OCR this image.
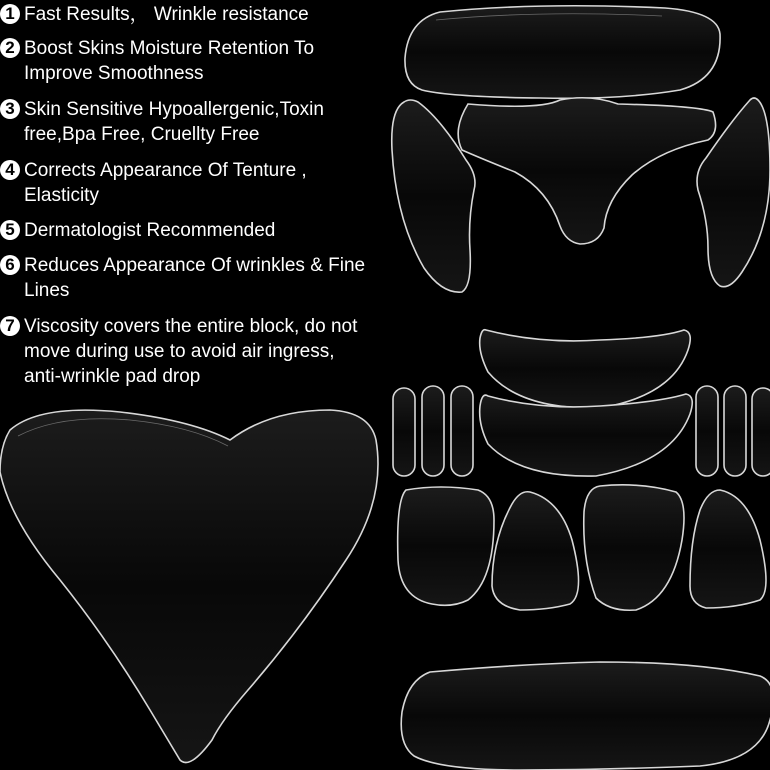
1 Fast Results， Wrinkle resistance
2 Boost Skins Moisture Retention To Improve Smoothness
3 Skin Sensitive Hypoallergenic,Toxin free,Bpa Free, Cruellty Free
4 Corrects Appearance Of Tenture , Elasticity
5 Dermatologist Recommended
6 Reduces Appearance Of wrinkles & Fine Lines
7 Viscosity covers the entire block, do not move during use to avoid air ingress, anti-wrinkle pad drop
